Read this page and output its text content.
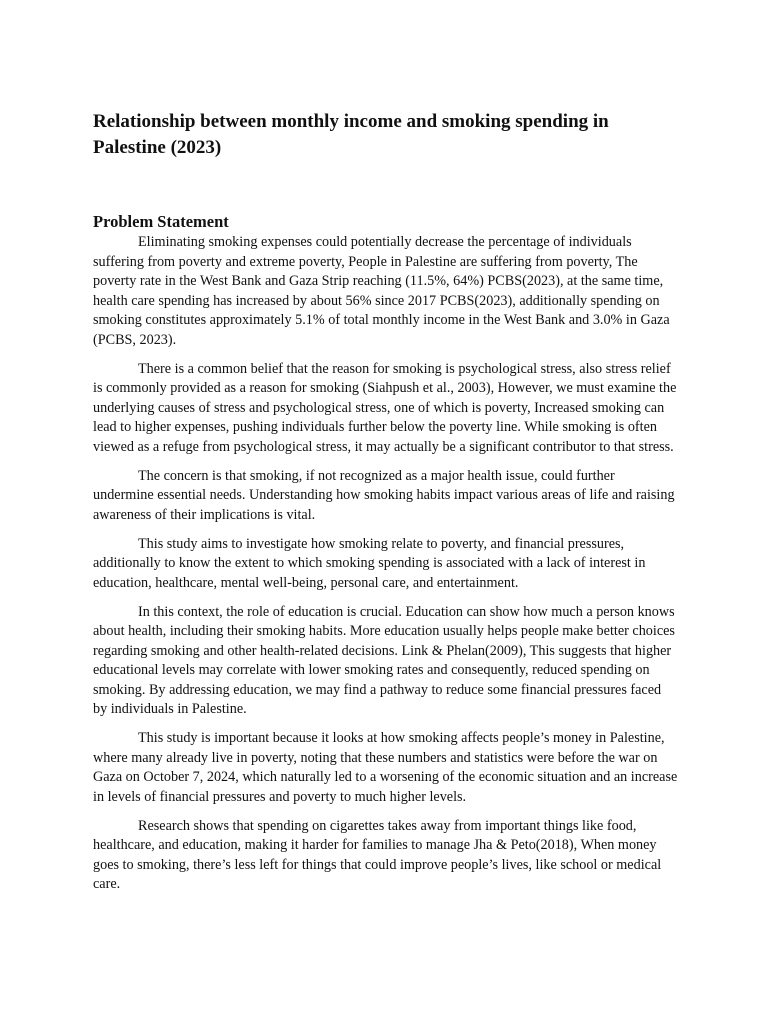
Relationship between monthly income and smoking spending in
Palestine (2023)
Problem Statement

Eliminating smoking expenses could potentially decrease the percentage of individuals suffering from poverty and extreme poverty, People in Palestine are suffering from poverty, The poverty rate in the West Bank and Gaza Strip reaching (11.5%, 64%) PCBS(2023), at the same time, health care spending has increased by about 56% since 2017 PCBS(2023), additionally spending on smoking constitutes approximately 5.1% of total monthly income in the West Bank and 3.0% in Gaza (PCBS, 2023).

There is a common belief that the reason for smoking is psychological stress, also stress relief is commonly provided as a reason for smoking (Siahpush et al., 2003), However, we must examine the underlying causes of stress and psychological stress, one of which is poverty, Increased smoking can lead to higher expenses, pushing individuals further below the poverty line. While smoking is often viewed as a refuge from psychological stress, it may actually be a significant contributor to that stress.

The concern is that smoking, if not recognized as a major health issue, could further undermine essential needs. Understanding how smoking habits impact various areas of life and raising awareness of their implications is vital.

This study aims to investigate how smoking relate to poverty, and financial pressures, additionally to know the extent to which smoking spending is associated with a lack of interest in education, healthcare, mental well-being, personal care, and entertainment.

In this context, the role of education is crucial. Education can show how much a person knows about health, including their smoking habits. More education usually helps people make better choices regarding smoking and other health-related decisions. Link & Phelan(2009), This suggests that higher educational levels may correlate with lower smoking rates and consequently, reduced spending on smoking. By addressing education, we may find a pathway to reduce some financial pressures faced by individuals in Palestine.

This study is important because it looks at how smoking affects people’s money in Palestine, where many already live in poverty, noting that these numbers and statistics were before the war on Gaza on October 7, 2024, which naturally led to a worsening of the economic situation and an increase in levels of financial pressures and poverty to much higher levels.

Research shows that spending on cigarettes takes away from important things like food, healthcare, and education, making it harder for families to manage Jha & Peto(2018), When money goes to smoking, there’s less left for things that could improve people’s lives, like school or medical care.
